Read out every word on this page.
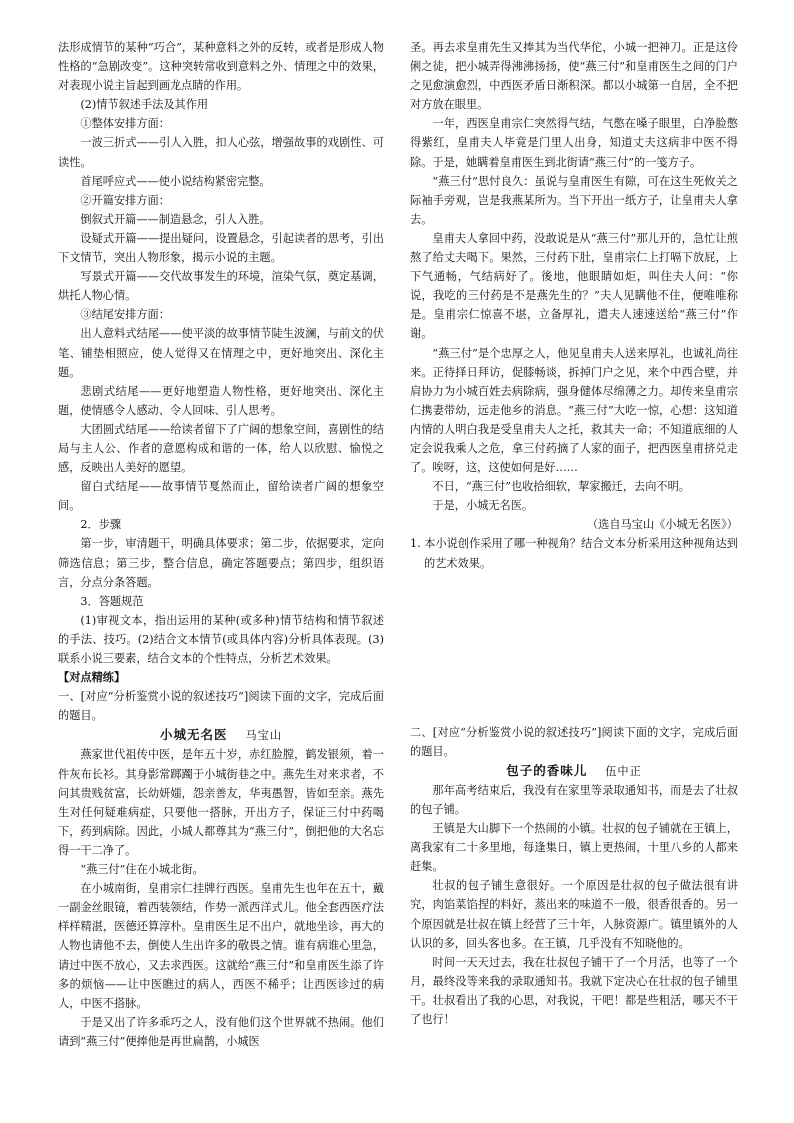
法形成情节的某种“巧合”，某种意料之外的反转，或者是形成人物性格的“急剧改变”。这种突转常收到意料之外、情理之中的效果，对表现小说主旨起到画龙点睛的作用。

(2)情节叙述手法及其作用

①整体安排方面：

一波三折式——引人入胜，扣人心弦，增强故事的戏剧性、可读性。

首尾呼应式——使小说结构紧密完整。

②开篇安排方面：

倒叙式开篇——制造悬念，引人入胜。

设疑式开篇——提出疑问，设置悬念，引起读者的思考，引出下文情节，突出人物形象，揭示小说的主题。

写景式开篇——交代故事发生的环境，渲染气氛，奠定基调，烘托人物心情。

③结尾安排方面：

出人意料式结尾——使平淡的故事情节陡生波澜，与前文的伏笔、铺垫相照应，使人觉得又在情理之中，更好地突出、深化主题。

悲剧式结尾——更好地塑造人物性格，更好地突出、深化主题，使情感令人感动、令人回味、引人思考。

大团圆式结尾——给读者留下了广阔的想象空间，喜剧性的结局与主人公、作者的意愿构成和谐的一体，给人以欣慰、愉悦之感，反映出人美好的愿望。

留白式结尾——故事情节戛然而止，留给读者广阔的想象空间。

2．步骤

第一步，审清题干，明确具体要求；第二步，依据要求，定向筛选信息；第三步，整合信息，确定答题要点；第四步，组织语言，分点分条答题。

3．答题规范

(1)审视文本，指出运用的某种(或多种)情节结构和情节叙述的手法、技巧。(2)结合文本情节(或具体内容)分析具体表现。(3)联系小说三要素，结合文本的个性特点，分析艺术效果。

【对点精练】

一、[对应“分析鉴赏小说的叙述技巧”]阅读下面的文字，完成后面的题目。

小城无名医 马宝山

燕家世代祖传中医，是年五十岁，赤红脸膛，鹤发银须，着一件灰布长衫。其身影常踯躅于小城街巷之中。燕先生对来求者，不问其贵贱贫富，长幼妍媸，怨亲善友，华夷愚智，皆如至亲。燕先生对任何疑难病症，只要他一搭脉，开出方子，保证三付中药喝下，药到病除。因此，小城人都尊其为“燕三付”，倒把他的大名忘得一干二净了。

“燕三付”住在小城北街。

在小城南街，皇甫宗仁挂牌行西医。皇甫先生也年在五十，戴一副金丝眼镜，着西装领结，作势一派西洋式儿。他全套西医疗法样样精湛，医德还算淳朴。皇甫医生足不出户，就地坐诊，再大的人物也请他不去，倒使人生出许多的敬畏之情。谁有病谁心里急，请过中医不放心，又去求西医。这就给“燕三付”和皇甫医生添了许多的烦恼——让中医瞧过的病人，西医不稀乎；让西医诊过的病人，中医不搭脉。

于是又出了许多乖巧之人，没有他们这个世界就不热闹。他们请到“燕三付”便捧他是再世扁鹊，小城医

圣。再去求皇甫先生又捧其为当代华佗，小城一把神刀。正是这伶俐之徒，把小城弄得沸沸扬扬，使“燕三付”和皇甫医生之间的门户之见愈演愈烈，中西医矛盾日渐积深。都以小城第一自居，全不把对方放在眼里。

一年，西医皇甫宗仁突然得气结，气憋在嗓子眼里，白净脸憋得紫红，皇甫夫人毕竟是门里人出身，知道丈夫这病非中医不得除。于是，她瞒着皇甫医生到北街请“燕三付”的一笺方子。

“燕三付”思忖良久：虽说与皇甫医生有隙，可在这生死攸关之际袖手旁观，岂是我燕某所为。当下开出一纸方子，让皇甫夫人拿去。

皇甫夫人拿回中药，没敢说是从“燕三付”那儿开的，急忙让煎熬了给丈夫喝下。果然，三付药下肚，皇甫宗仁上打嗝下放屁，上下气通畅，气结病好了。後地，他眼睛如炬，叫住夫人问：“你说，我吃的三付药是不是燕先生的？”夫人见瞒他不住，便唯唯称是。皇甫宗仁惊喜不堪，立备厚礼，遣夫人速速送给“燕三付”作谢。

“燕三付”是个忠厚之人，他见皇甫夫人送来厚礼，也诚礼尚往来。正待择日拜访，促膝畅谈，拆掉门户之见，来个中西合壁，并肩协力为小城百姓去病除病，强身健体尽绵薄之力。却传来皇甫宗仁携妻带幼，远走他乡的消息。“燕三付”大吃一惊，心想：这知道内情的人明白我是受皇甫夫人之托，救其夫一命；不知道底细的人定会说我乘人之危，拿三付药摘了人家的面子，把西医皇甫挤兑走了。唉呀，这，这使如何是好……

不日，“燕三付”也收拾细软，挈家搬迁，去向不明。

于是，小城无名医。

（选自马宝山《小城无名医》）

1. 本小说创作采用了哪一种视角？结合文本分析采用这种视角达到的艺术效果。

二、[对应“分析鉴赏小说的叙述技巧”]阅读下面的文字，完成后面的题目。

包子的香味儿 伍中正

那年高考结束后，我没有在家里等录取通知书，而是去了壮叔的包子铺。

王镇是大山脚下一个热闹的小镇。壮叔的包子铺就在王镇上，离我家有二十多里地，每逢集日，镇上更热闹，十里八乡的人都来赶集。

壮叔的包子铺生意很好。一个原因是壮叔的包子做法很有讲究，肉馅菜馅捏的料好，蒸出来的味道不一般，很香很香的。另一个原因就是壮叔在镇上经营了三十年，人脉资源广。镇里镇外的人认识的多，回头客也多。在王镇，几乎没有不知晓他的。

时间一天天过去，我在壮叔包子铺干了一个月活，也等了一个月，最终没等来我的录取通知书。我就下定决心在壮叔的包子铺里干。壮叔看出了我的心思，对我说，干吧！都是些粗活，哪天不干了也行！
